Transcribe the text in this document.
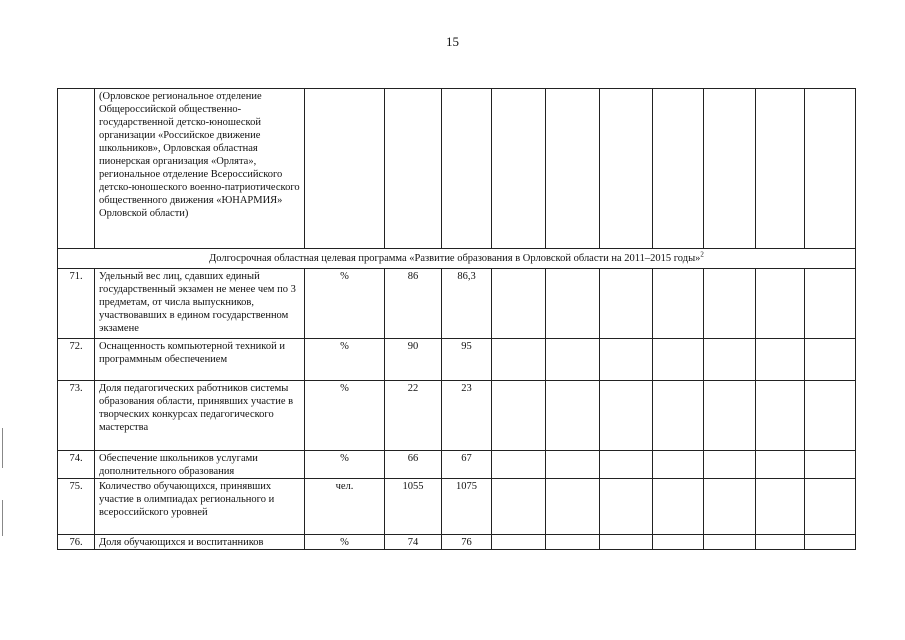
15
	(Орловское региональное отделение Общероссийской общественно-государственной детско-юношеской организации «Российское движение школьников», Орловская областная пионерская организация «Орлята», региональное отделение Всероссийского детско-юношеского военно-патриотического общественного движения «ЮНАРМИЯ» Орловской области)										
Долгосрочная областная целевая программа «Развитие образования в Орловской области на 2011–2015 годы»$^2$
71.	Удельный вес лиц, сдавших единый государственный экзамен не менее чем по 3 предметам, от числа выпускников, участвовавших в едином государственном экзамене	%	86	86,3							
72.	Оснащенность компьютерной техникой и программным обеспечением	%	90	95							
73.	Доля педагогических работников системы образования области, принявших участие в творческих конкурсах педагогического мастерства	%	22	23							
74.	Обеспечение школьников услугами дополнительного образования	%	66	67							
75.	Количество обучающихся, принявших участие в олимпиадах регионального и всероссийского уровней	чел.	1055	1075							
76.	Доля обучающихся и воспитанников	%	74	76							
